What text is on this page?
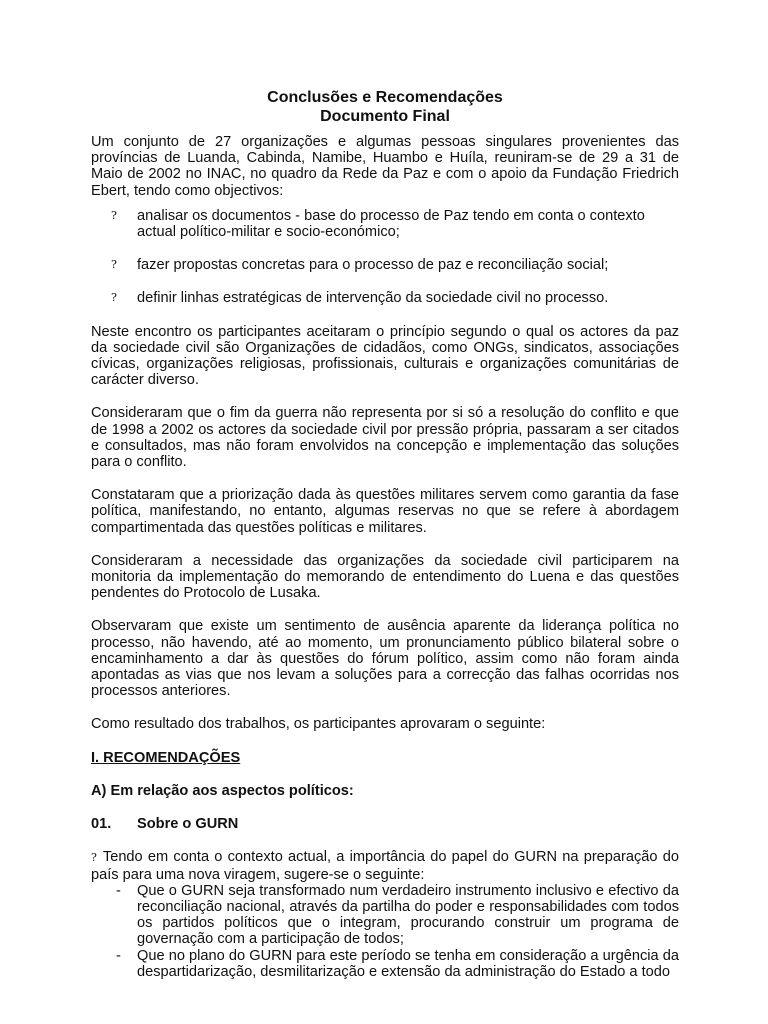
Conclusões e Recomendações
Documento Final

Um conjunto de 27 organizações e algumas pessoas singulares provenientes das províncias de Luanda, Cabinda, Namibe, Huambo e Huíla, reuniram-se de 29 a 31 de Maio de 2002 no INAC, no quadro da Rede da Paz e com o apoio da Fundação Friedrich Ebert, tendo como objectivos:

? analisar os documentos - base do processo de Paz tendo em conta o contexto actual político-militar e socio-económico;
? fazer propostas concretas para o processo de paz e reconciliação social;
? definir linhas estratégicas de intervenção da sociedade civil no processo.

Neste encontro os participantes aceitaram o princípio segundo o qual os actores da paz da sociedade civil são Organizações de cidadãos, como ONGs, sindicatos, associações cívicas, organizações religiosas, profissionais, culturais e organizações comunitárias de carácter diverso.

Consideraram que o fim da guerra não representa por si só a resolução do conflito e que de 1998 a 2002 os actores da sociedade civil por pressão própria, passaram a ser citados e consultados, mas não foram envolvidos na concepção e implementação das soluções para o conflito.

Constataram que a priorização dada às questões militares servem como garantia da fase política, manifestando, no entanto, algumas reservas no que se refere à abordagem compartimentada das questões políticas e militares.

Consideraram a necessidade das organizações da sociedade civil participarem na monitoria da implementação do memorando de entendimento do Luena e das questões pendentes do Protocolo de Lusaka.

Observaram que existe um sentimento de ausência aparente da liderança política no processo, não havendo, até ao momento, um pronunciamento público bilateral sobre o encaminhamento a dar às questões do fórum político, assim como não foram ainda apontadas as vias que nos levam a soluções para a correcção das falhas ocorridas nos processos anteriores.

Como resultado dos trabalhos, os participantes aprovaram o seguinte:

I. RECOMENDAÇÕES
A) Em relação aos aspectos políticos:
01. Sobre o GURN

? Tendo em conta o contexto actual, a importância do papel do GURN na preparação do país para uma nova viragem, sugere-se o seguinte:

- Que o GURN seja transformado num verdadeiro instrumento inclusivo e efectivo da reconciliação nacional, através da partilha do poder e responsabilidades com todos os partidos políticos que o integram, procurando construir um programa de governação com a participação de todos;
- Que no plano do GURN para este período se tenha em consideração a urgência da despartidarização, desmilitarização e extensão da administração do Estado a todo
